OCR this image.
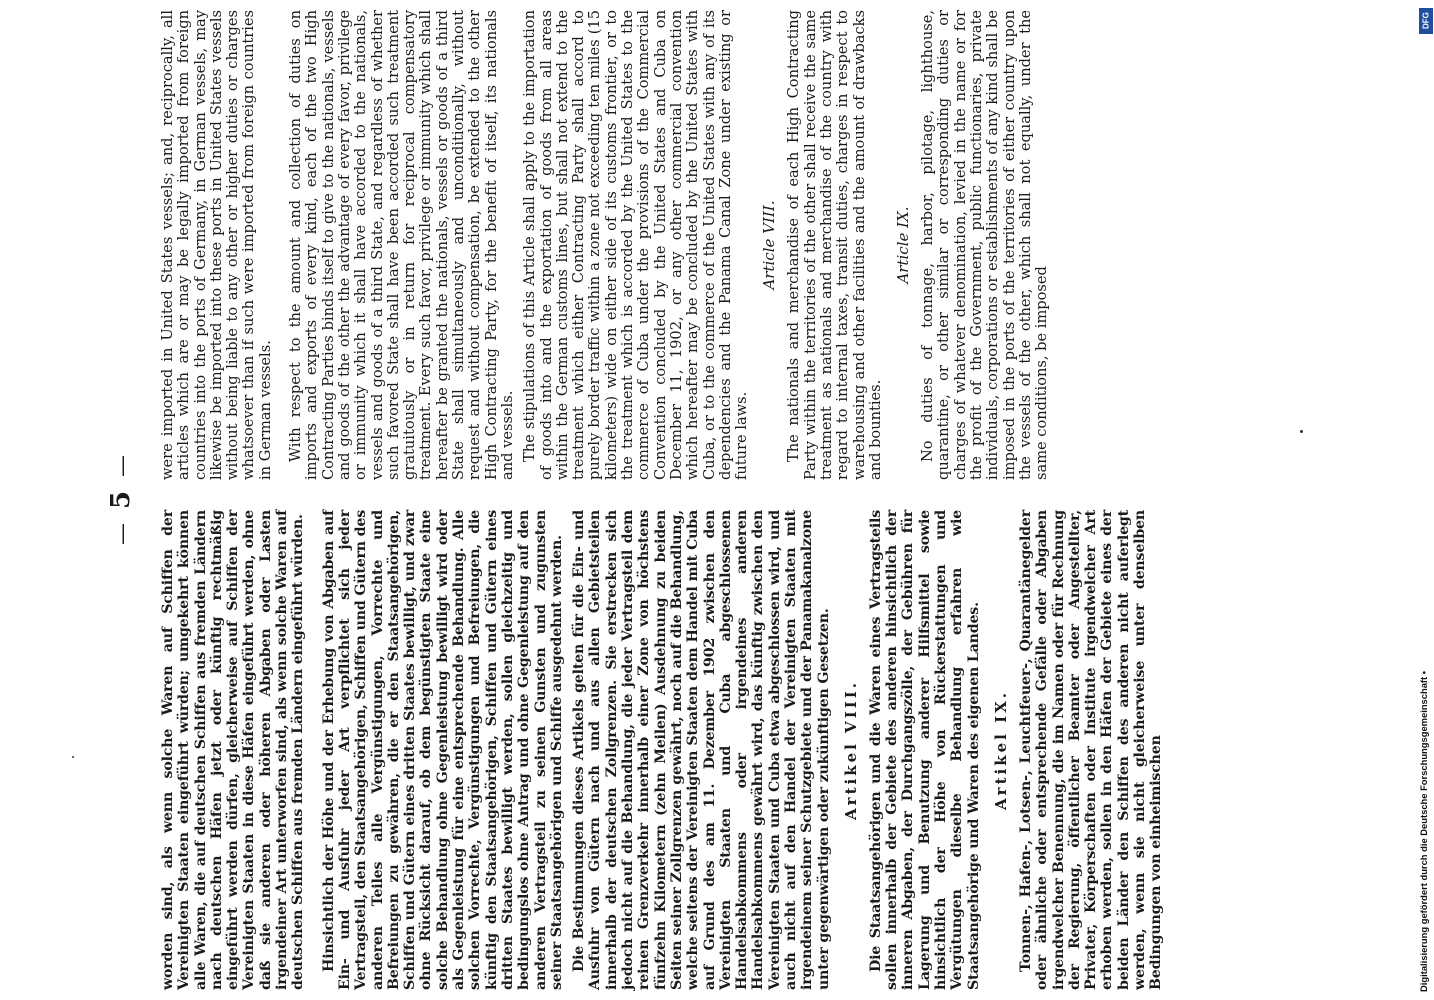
were imported in United States vessels; and, reciprocally, all articles which are or may be legally imported from foreign countries into the ports of Germany, in German vessels, may likewise be imported into these ports in United States vessels without being liable to any other or higher duties or charges whatsoever than if such were imported from foreign countries in German vessels. With respect to the amount and collection of duties on imports and exports of every kind, each of the two High Contracting Parties binds itself to give to the nationals, vessels and goods of the other the advantage of every favor, privilege or immunity which it shall have accorded to the nationals, vessels and goods of a third State, and regardless of whether such favored State shall have been accorded such treatment gratuitously or in return for reciprocal compensatory treatment. Every such favor, privilege or immunity which shall hereafter be granted the nationals, vessels or goods of a third State shall simultaneously and unconditionally, without request and without compensation, be extended to the other High Contracting Party, for the benefit of itself, its nationals and vessels. The stipulations of this Article shall apply to the importation of goods into and the exportation of goods from all areas within the German customs lines, but shall not extend to the treatment which either Contracting Party shall accord to purely border traffic within a zone not exceeding ten miles (15 kilometers) wide on either side of its customs frontier, or to the treatment which is accorded by the United States to the commerce of Cuba under the provisions of the Commercial Convention concluded by the United States and Cuba on December 11, 1902, or any other commercial convention which hereafter may be concluded by the United States with Cuba, or to the commerce of the United States with any of its dependencies and the Panama Canal Zone under existing or future laws.

Article VIII. The nationals and merchandise of each High Contracting Party within the territories of the other shall receive the same treatment as nationals and merchandise of the country with regard to internal taxes, transit duties, charges in respect to warehousing and other facilities and the amount of drawbacks and bounties.

Article IX. No duties of tonnage, harbor, pilotage, lighthouse, quarantine, or other similar or corresponding duties or charges of whatever denomination, levied in the name or for the profit of the Government, public functionaries, private individuals, corporations or establishments of any kind shall be imposed in the ports of the territories of either country upon the vessels of the other, which shall not equally, under the same conditions, be imposed

worden sind, als wenn solche Waren auf Schiffen der Vereinigten Staaten eingeführt würden; umgekehrt können alle Waren, die auf deutschen Schiffen aus fremden Ländern nach deutschen Häfen jetzt oder künftig rechtmäßig eingeführt werden dürfen, gleicherweise auf Schiffen der Vereinigten Staaten in diese Häfen eingeführt werden, ohne daß sie anderen oder höheren Abgaben oder Lasten irgendeiner Art unterworfen sind, als wenn solche Waren auf deutschen Schiffen aus fremden Ländern eingeführt würden. Hinsichtlich der Höhe und der Erhebung von Abgaben auf Ein- und Ausfuhr jeder Art verpflichtet sich jeder Vertragsteil, den Staatsangehörigen, Schiffen und Gütern des anderen Teiles alle Vergünstigungen, Vorrechte und Befreiungen zu gewähren, die er den Staatsangehörigen, Schiffen und Gütern eines dritten Staates bewilligt, und zwar ohne Rücksicht darauf, ob dem begünstigten Staate eine solche Behandlung ohne Gegenleistung bewilligt wird oder als Gegenleistung für eine entsprechende Behandlung. Alle solchen Vorrechte, Vergünstigungen und Befreiungen, die künftig den Staatsangehörigen, Schiffen und Gütern eines dritten Staates bewilligt werden, sollen gleichzeitig und bedingungslos ohne Antrag und ohne Gegenleistung auf den anderen Vertragsteil zu seinen Gunsten und zugunsten seiner Staatsangehörigen und Schiffe ausgedehnt werden. Die Bestimmungen dieses Artikels gelten für die Ein- und Ausfuhr von Gütern nach und aus allen Gebietsteilen innerhalb der deutschen Zollgrenzen. Sie erstrecken sich jedoch nicht auf die Behandlung, die jeder Vertragsteil dem reinen Grenzverkehr innerhalb einer Zone von höchstens fünfzehn Kilometern (zehn Meilen) Ausdehnung zu beiden Seiten seiner Zollgrenzen gewährt, noch auf die Behandlung, welche seitens der Vereinigten Staaten dem Handel mit Cuba auf Grund des am 11. Dezember 1902 zwischen den Vereinigten Staaten und Cuba abgeschlossenen Handelsabkommens oder irgendeines anderen Handelsabkommens gewährt wird, das künftig zwischen den Vereinigten Staaten und Cuba etwa abgeschlossen wird, und auch nicht auf den Handel der Vereinigten Staaten mit irgendeinem seiner Schutzgebiete und der Panamakanalzone unter gegenwärtigen oder zukünftigen Gesetzen. Artikel VIII. Die Staatsangehörigen und die Waren eines Vertragsteils sollen innerhalb der Gebiete des anderen hinsichtlich der inneren Abgaben, der Durchgangszölle, der Gebühren für Lagerung und Benutzung anderer Hilfsmittel sowie hinsichtlich der Höhe von Rückerstattungen und Vergütungen dieselbe Behandlung erfahren wie Staatsangehörige und Waren des eigenen Landes. Artikel IX. Tonnen-, Hafen-, Lotsen-, Leuchtfeuer-, Quarantänegelder oder ähnliche oder entsprechende Gefälle oder Abgaben irgendwelcher Benennung, die im Namen oder für Rechnung der Regierung, öffentlicher Beamter oder Angestellter, Privater, Körperschaften oder Institute irgendwelcher Art erhoben werden, sollen in den Häfen der Gebiete eines der beiden Länder den Schiffen des anderen nicht auferlegt werden, wenn sie nicht gleicherweise unter denselben Bedingungen von einheimischen

—5—
DFG
Digitalisierung gefördert durch die Deutsche Forschungsgemeinschaft •
